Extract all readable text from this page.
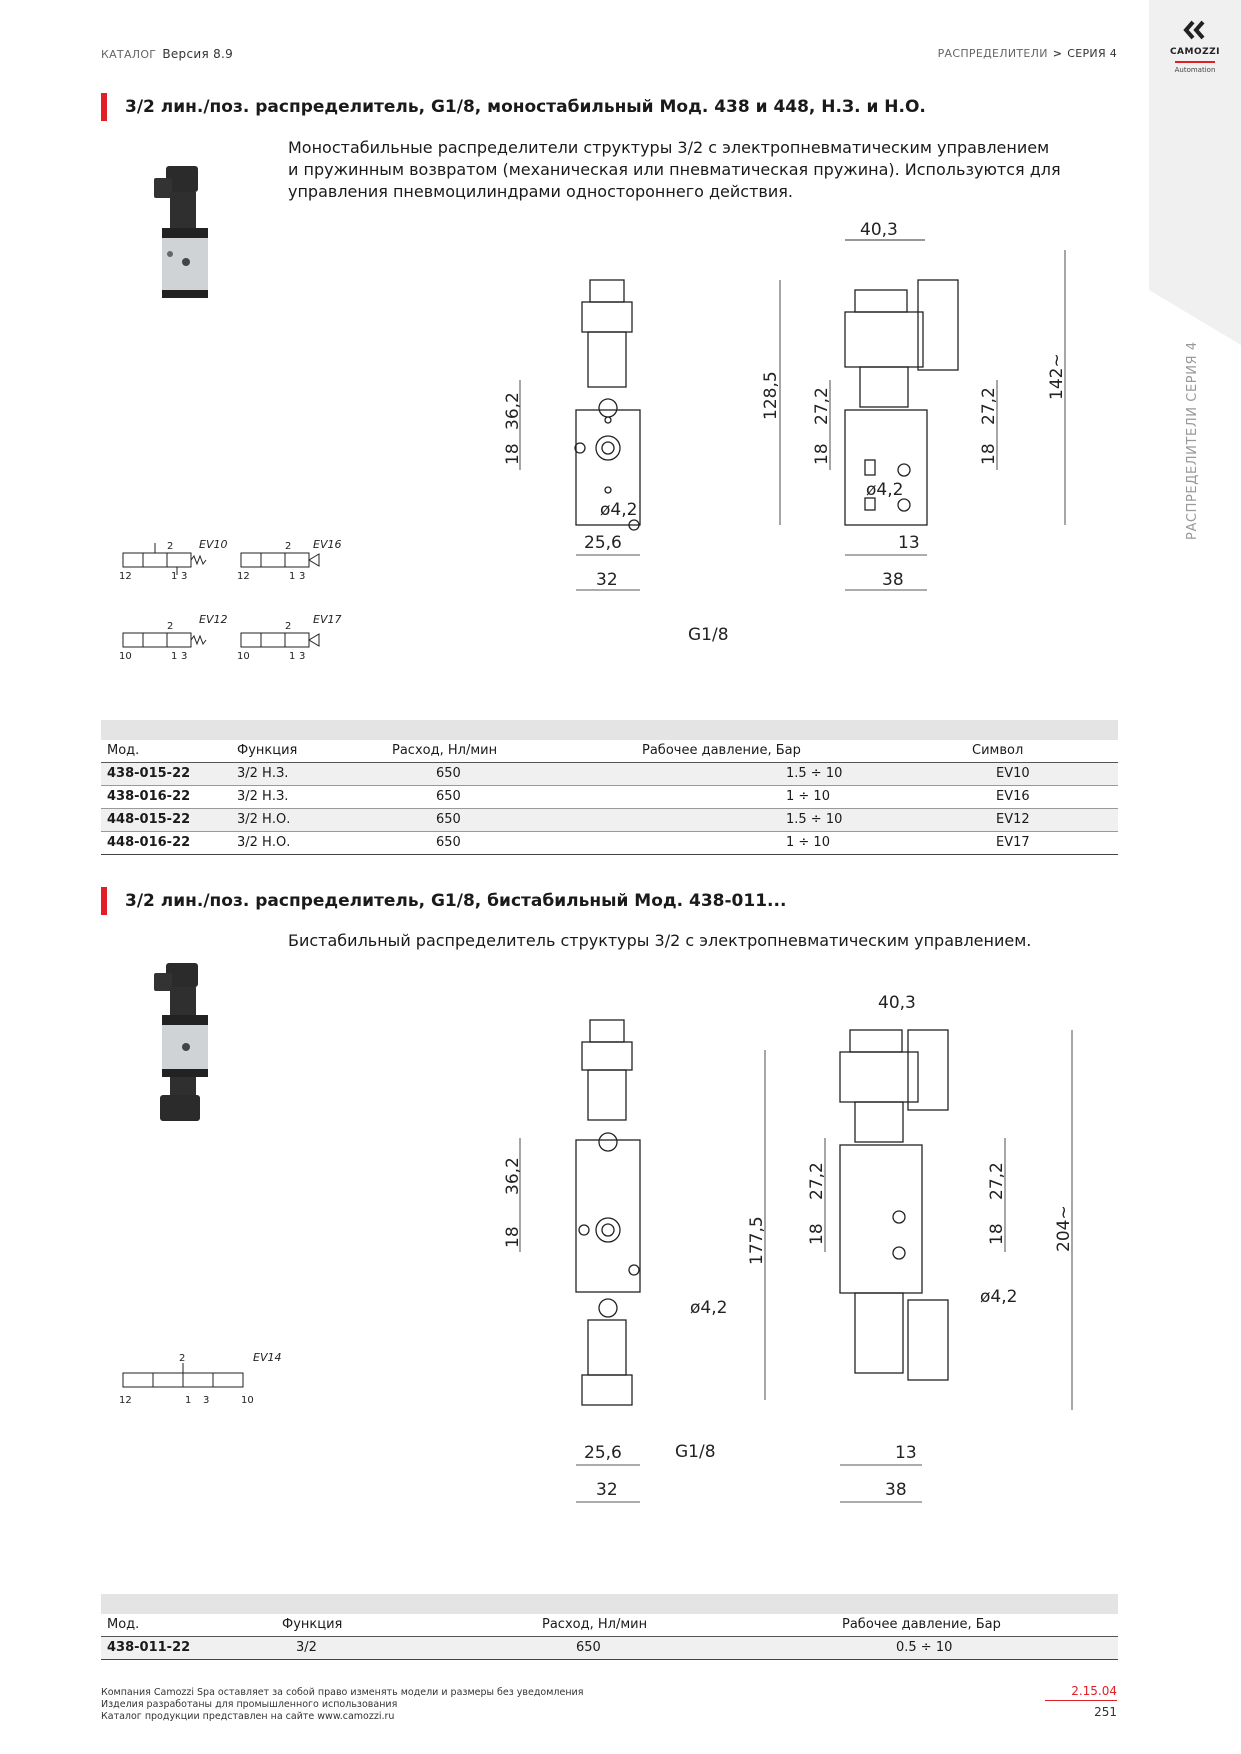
КАТАЛОГ Версия 8.9	РАСПРЕДЕЛИТЕЛИ > СЕРИЯ 4	CAMOZZI
Automation
РАСПРЕДЕЛИТЕЛИ СЕРИЯ 4
3/2 лин./поз. распределитель, G1/8, моностабильный Мод. 438 и 448, Н.З. и Н.О.
Моностабильные распределители структуры 3/2 с электропневматическим управлением
и пружинным возвратом (механическая или пневматическая пружина). Используются для
управления пневмоцилиндрами одностороннего действия.
12	1 3
2 EV10
12	1 3
2 EV16
10	1 3
2
EV12
10	1 3
2
EV17
40,3
128,5	142~
36,2
18
27,2
18
27,2
18
ø4,2
ø4,2
25,6
32
13
38
G1/8

Мод.	Функция	Расход, Нл/мин	Рабочее давление, Бар	Символ
438-015-22	3/2 Н.З.	650	1.5 ÷ 10	EV10
438-016-22	3/2 Н.З.	650	1 ÷ 10	EV16
448-015-22	3/2 Н.О.	650	1.5 ÷ 10	EV12
448-016-22	3/2 Н.О.	650	1 ÷ 10	EV17
3/2 лин./поз. распределитель, G1/8, бистабильный Мод. 438-011...
Бистабильный распределитель структуры 3/2 с электропневматическим управлением.
12	1 3	10
2	EV14
40,3
177,5	204~
36,2
18
27,2
18
27,2
18
ø4,2
ø4,2
25,6
32
13
38
G1/8

Мод.	Функция	Расход, Нл/мин	Рабочее давление, Бар
438-011-22	3/2	650	0.5 ÷ 10
Компания Camozzi Spa оставляет за собой право изменять модели и размеры без уведомления
Изделия разработаны для промышленного использования
Каталог продукции представлен на сайте www.camozzi.ru
2.15.04
251
